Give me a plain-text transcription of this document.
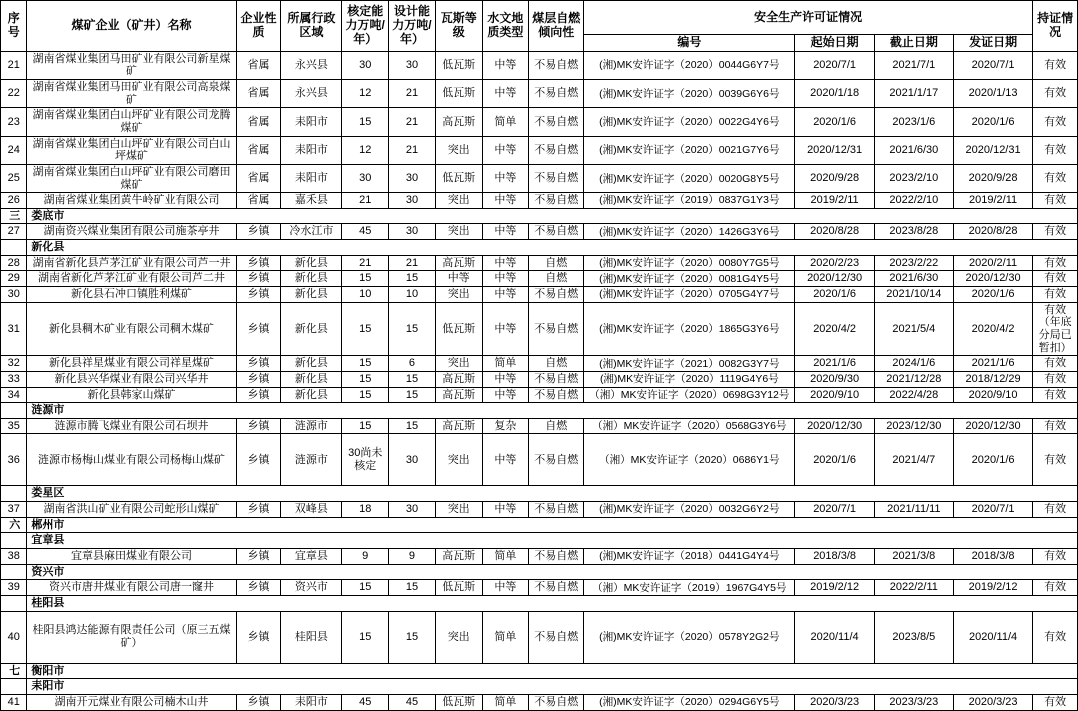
序号	煤矿企业（矿井）名称	企业性质	所属行政区域	核定能力万吨/年）	设计能力万吨/年）	瓦斯等级	水文地质类型	煤层自燃倾向性	安全生产许可证情况				持证情况
									编号	起始日期	截止日期	发证日期	
21	湖南省煤业集团马田矿业有限公司新星煤矿	省属	永兴县	30	30	低瓦斯	中等	不易自燃	(湘)MK安许证字（2020）0044G6Y7号	2020/7/1	2021/7/1	2020/7/1	有效
22	湖南省煤业集团马田矿业有限公司高泉煤矿	省属	永兴县	12	21	低瓦斯	中等	不易自燃	(湘)MK安许证字（2020）0039G6Y6号	2020/1/18	2021/1/17	2020/1/13	有效
23	湖南省煤业集团白山坪矿业有限公司龙腾煤矿	省属	耒阳市	15	21	高瓦斯	简单	不易自燃	(湘)MK安许证字（2020）0022G4Y6号	2020/1/6	2023/1/6	2020/1/6	有效
24	湖南省煤业集团白山坪矿业有限公司白山坪煤矿	省属	耒阳市	12	21	突出	中等	不易自燃	(湘)MK安许证字（2020）0021G7Y6号	2020/12/31	2021/6/30	2020/12/31	有效
25	湖南省煤业集团白山坪矿业有限公司磨田煤矿	省属	耒阳市	30	30	低瓦斯	中等	不易自燃	(湘)MK安许证字（2020）0020G8Y5号	2020/9/28	2023/2/10	2020/9/28	有效
26	湖南省煤业集团黄牛岭矿业有限公司	省属	嘉禾县	21	30	突出	中等	不易自燃	(湘)MK安许证字（2019）0837G1Y3号	2019/2/11	2022/2/10	2019/2/11	有效
三	娄底市												
27	湖南资兴煤业集团有限公司施茶亭井	乡镇	冷水江市	45	30	突出	中等	不易自燃	(湘)MK安许证字（2020）1426G3Y6号	2020/8/28	2023/8/28	2020/8/28	有效
	新化县												
28	湖南省新化县芦茅江矿业有限公司芦一井	乡镇	新化县	21	21	高瓦斯	中等	自燃	(湘)MK安许证字（2020）0080Y7G5号	2020/2/23	2023/2/22	2020/2/11	有效
29	湖南省新化芦茅江矿业有限公司芦二井	乡镇	新化县	15	15	中等	中等	自燃	(湘)MK安许证字（2020）0081G4Y5号	2020/12/30	2021/6/30	2020/12/30	有效
30	新化县石冲口镇胜利煤矿	乡镇	新化县	10	10	突出	中等	不易自燃	(湘)MK安许证字（2020）0705G4Y7号	2020/1/6	2021/10/14	2020/1/6	有效
31	新化县稠木矿业有限公司稠木煤矿	乡镇	新化县	15	15	低瓦斯	中等	不易自燃	(湘)MK安许证字（2020）1865G3Y6号	2020/4/2	2021/5/4	2020/4/2	有效（年底分局已暂扣）
32	新化县祥星煤业有限公司祥星煤矿	乡镇	新化县	15	6	突出	简单	自燃	(湘)MK安许证字（2021）0082G3Y7号	2021/1/6	2024/1/6	2021/1/6	有效
33	新化县兴华煤业有限公司兴华井	乡镇	新化县	15	15	高瓦斯	中等	不易自燃	(湘)MK安许证字（2020）1119G4Y6号	2020/9/30	2021/12/28	2018/12/29	有效
34	新化县韩家山煤矿	乡镇	新化县	15	15	高瓦斯	中等	不易自燃	（湘）MK安许证字（2020）0698G3Y12号	2020/9/10	2022/4/28	2020/9/10	有效
	涟源市												
35	涟源市腾飞煤业有限公司石坝井	乡镇	涟源市	15	15	高瓦斯	复杂	自燃	（湘）MK安许证字（2020）0568G3Y6号	2020/12/30	2023/12/30	2020/12/30	有效
36	涟源市杨梅山煤业有限公司杨梅山煤矿	乡镇	涟源市	30尚未核定	30	突出	中等	不易自燃	（湘）MK安许证字（2020）0686Y1号	2020/1/6	2021/4/7	2020/1/6	有效
	娄星区												
37	湖南省洪山矿业有限公司蛇形山煤矿	乡镇	双峰县	18	30	突出	中等	不易自燃	(湘)MK安许证字（2020）0032G6Y2号	2020/7/1	2021/11/11	2020/7/1	有效
六	郴州市												
	宜章县												
38	宜章县麻田煤业有限公司	乡镇	宜章县	9	9	高瓦斯	简单	不易自燃	(湘)MK安许证字（2018）0441G4Y4号	2018/3/8	2021/3/8	2018/3/8	有效
	资兴市												
39	资兴市唐井煤业有限公司唐一窿井	乡镇	资兴市	15	15	低瓦斯	中等	不易自燃	（湘）MK安许证字（2019）1967G4Y5号	2019/2/12	2022/2/11	2019/2/12	有效
	桂阳县												
40	桂阳县鸿达能源有限责任公司（原三五煤矿）	乡镇	桂阳县	15	15	突出	简单	不易自燃	(湘)MK安许证字（2020）0578Y2G2号	2020/11/4	2023/8/5	2020/11/4	有效
七	衡阳市												
	耒阳市												
41	湖南开元煤业有限公司楠木山井	乡镇	耒阳市	45	45	低瓦斯	简单	不易自燃	(湘)MK安许证字（2020）0294G6Y5号	2020/3/23	2023/3/23	2020/3/23	有效
